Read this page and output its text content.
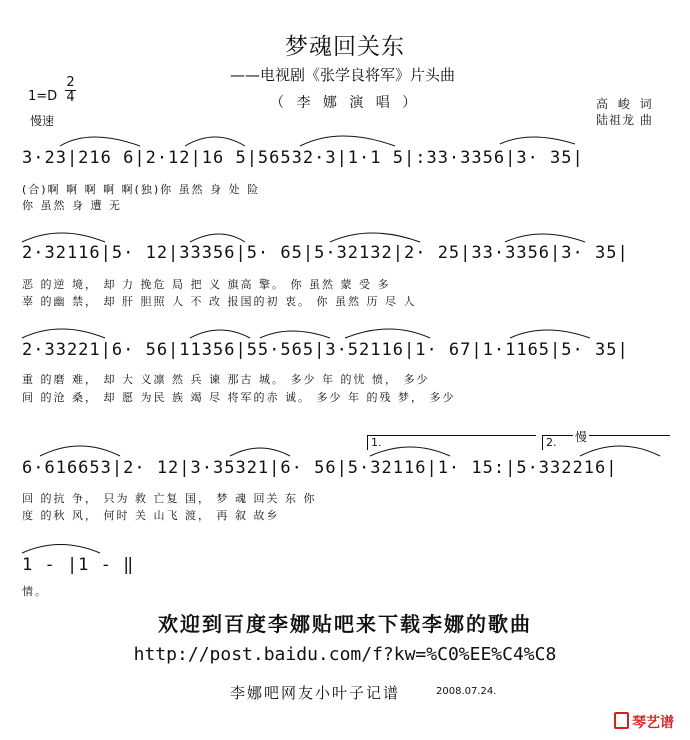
梦魂回关东
——电视剧《张学良将军》片头曲
（ 李 娜 演 唱 ）	高 峻 词
陆祖龙 曲
1=D
2
4
慢速
3·23|216 6|2·12|16 5|56532·3|1·1 5|:33·3356|3· 35|
(合)啊 啊 啊 啊 啊(独)你 虽然 身 处 险
你 虽然 身 遭 无
2·32116|5· 12|33356|5· 65|5·32132|2· 25|33·3356|3· 35|
恶 的逆 境， 却 力 挽危 局 把 义 旗高 擎。 你 虽然 蒙 受 多
辜 的幽 禁， 却 肝 胆照 人 不 改 报国的初 衷。 你 虽然 历 尽 人
2·33221|6· 56|11356|55·565|3·52116|1· 67|1·1165|5· 35|
重 的磨 难， 却 大 义凛 然 兵 谏 那古 城。 多少 年 的忧 愤， 多少
间 的沧 桑， 却 愿 为民 族 竭 尽 将军的赤 诚。 多少 年 的残 梦， 多少
1.	2.	慢
6·616653|2· 12|3·35321|6· 56|5·32116|1· 15:|5·332216|
回 的抗 争， 只为 救 亡复 国， 梦 魂 回关 东 你
度 的秋 风， 何时 关 山飞 渡， 再 叙 故乡
1 - |1 - ‖
情。
欢迎到百度李娜贴吧来下载李娜的歌曲
http://post.baidu.com/f?kw=%C0%EE%C4%C8
李娜吧网友小叶子记谱	2008.07.24.
琴艺谱
